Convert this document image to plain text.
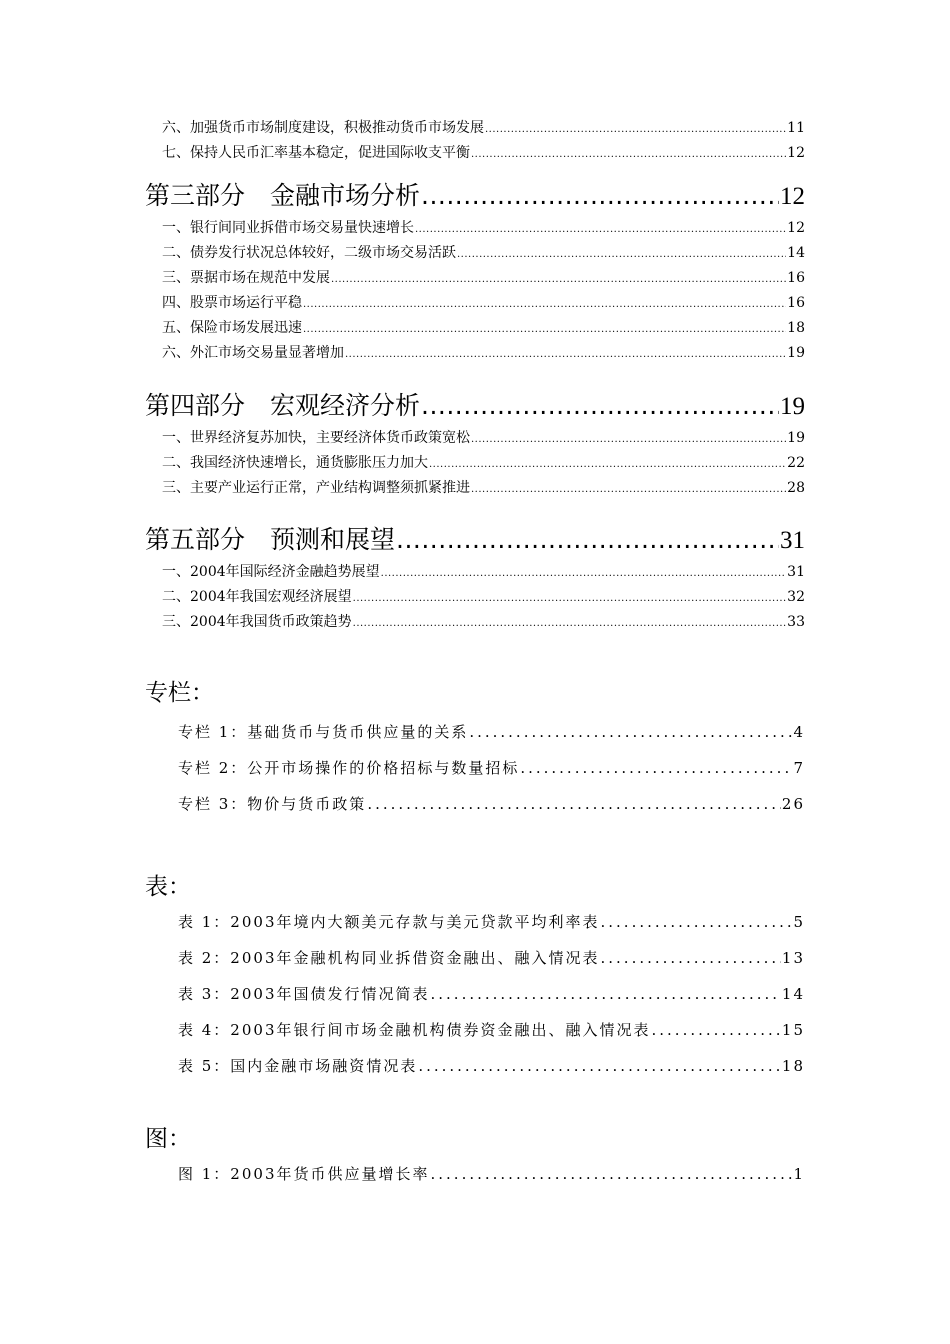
六、加强货币市场制度建设，积极推动货币市场发展 .....	11
七、保持人民币汇率基本稳定，促进国际收支平衡 .....	12
第三部分　金融市场分析 .....	12
一、银行间同业拆借市场交易量快速增长 .....	12
二、债券发行状况总体较好，二级市场交易活跃 .....	14
三、票据市场在规范中发展 .....	16
四、股票市场运行平稳 .....	16
五、保险市场发展迅速 .....	18
六、外汇市场交易量显著增加 .....	19
第四部分　宏观经济分析 .....	19
一、世界经济复苏加快，主要经济体货币政策宽松 .....	19
二、我国经济快速增长，通货膨胀压力加大 .....	22
三、主要产业运行正常，产业结构调整须抓紧推进 .....	28
第五部分　预测和展望 .....	31
一、2004年国际经济金融趋势展望 .....	31
二、2004年我国宏观经济展望 .....	32
三、2004年我国货币政策趋势 .....	33
专栏：
专栏 1：基础货币与货币供应量的关系 .....	4
专栏 2：公开市场操作的价格招标与数量招标 .....	7
专栏 3：物价与货币政策 .....	26
表：
表 1：2003年境内大额美元存款与美元贷款平均利率表 .....	5
表 2：2003年金融机构同业拆借资金融出、融入情况表 .....	13
表 3：2003年国债发行情况简表 .....	14
表 4：2003年银行间市场金融机构债券资金融出、融入情况表 .....	15
表 5：国内金融市场融资情况表 .....	18
图：
图 1：2003年货币供应量增长率 .....	1
